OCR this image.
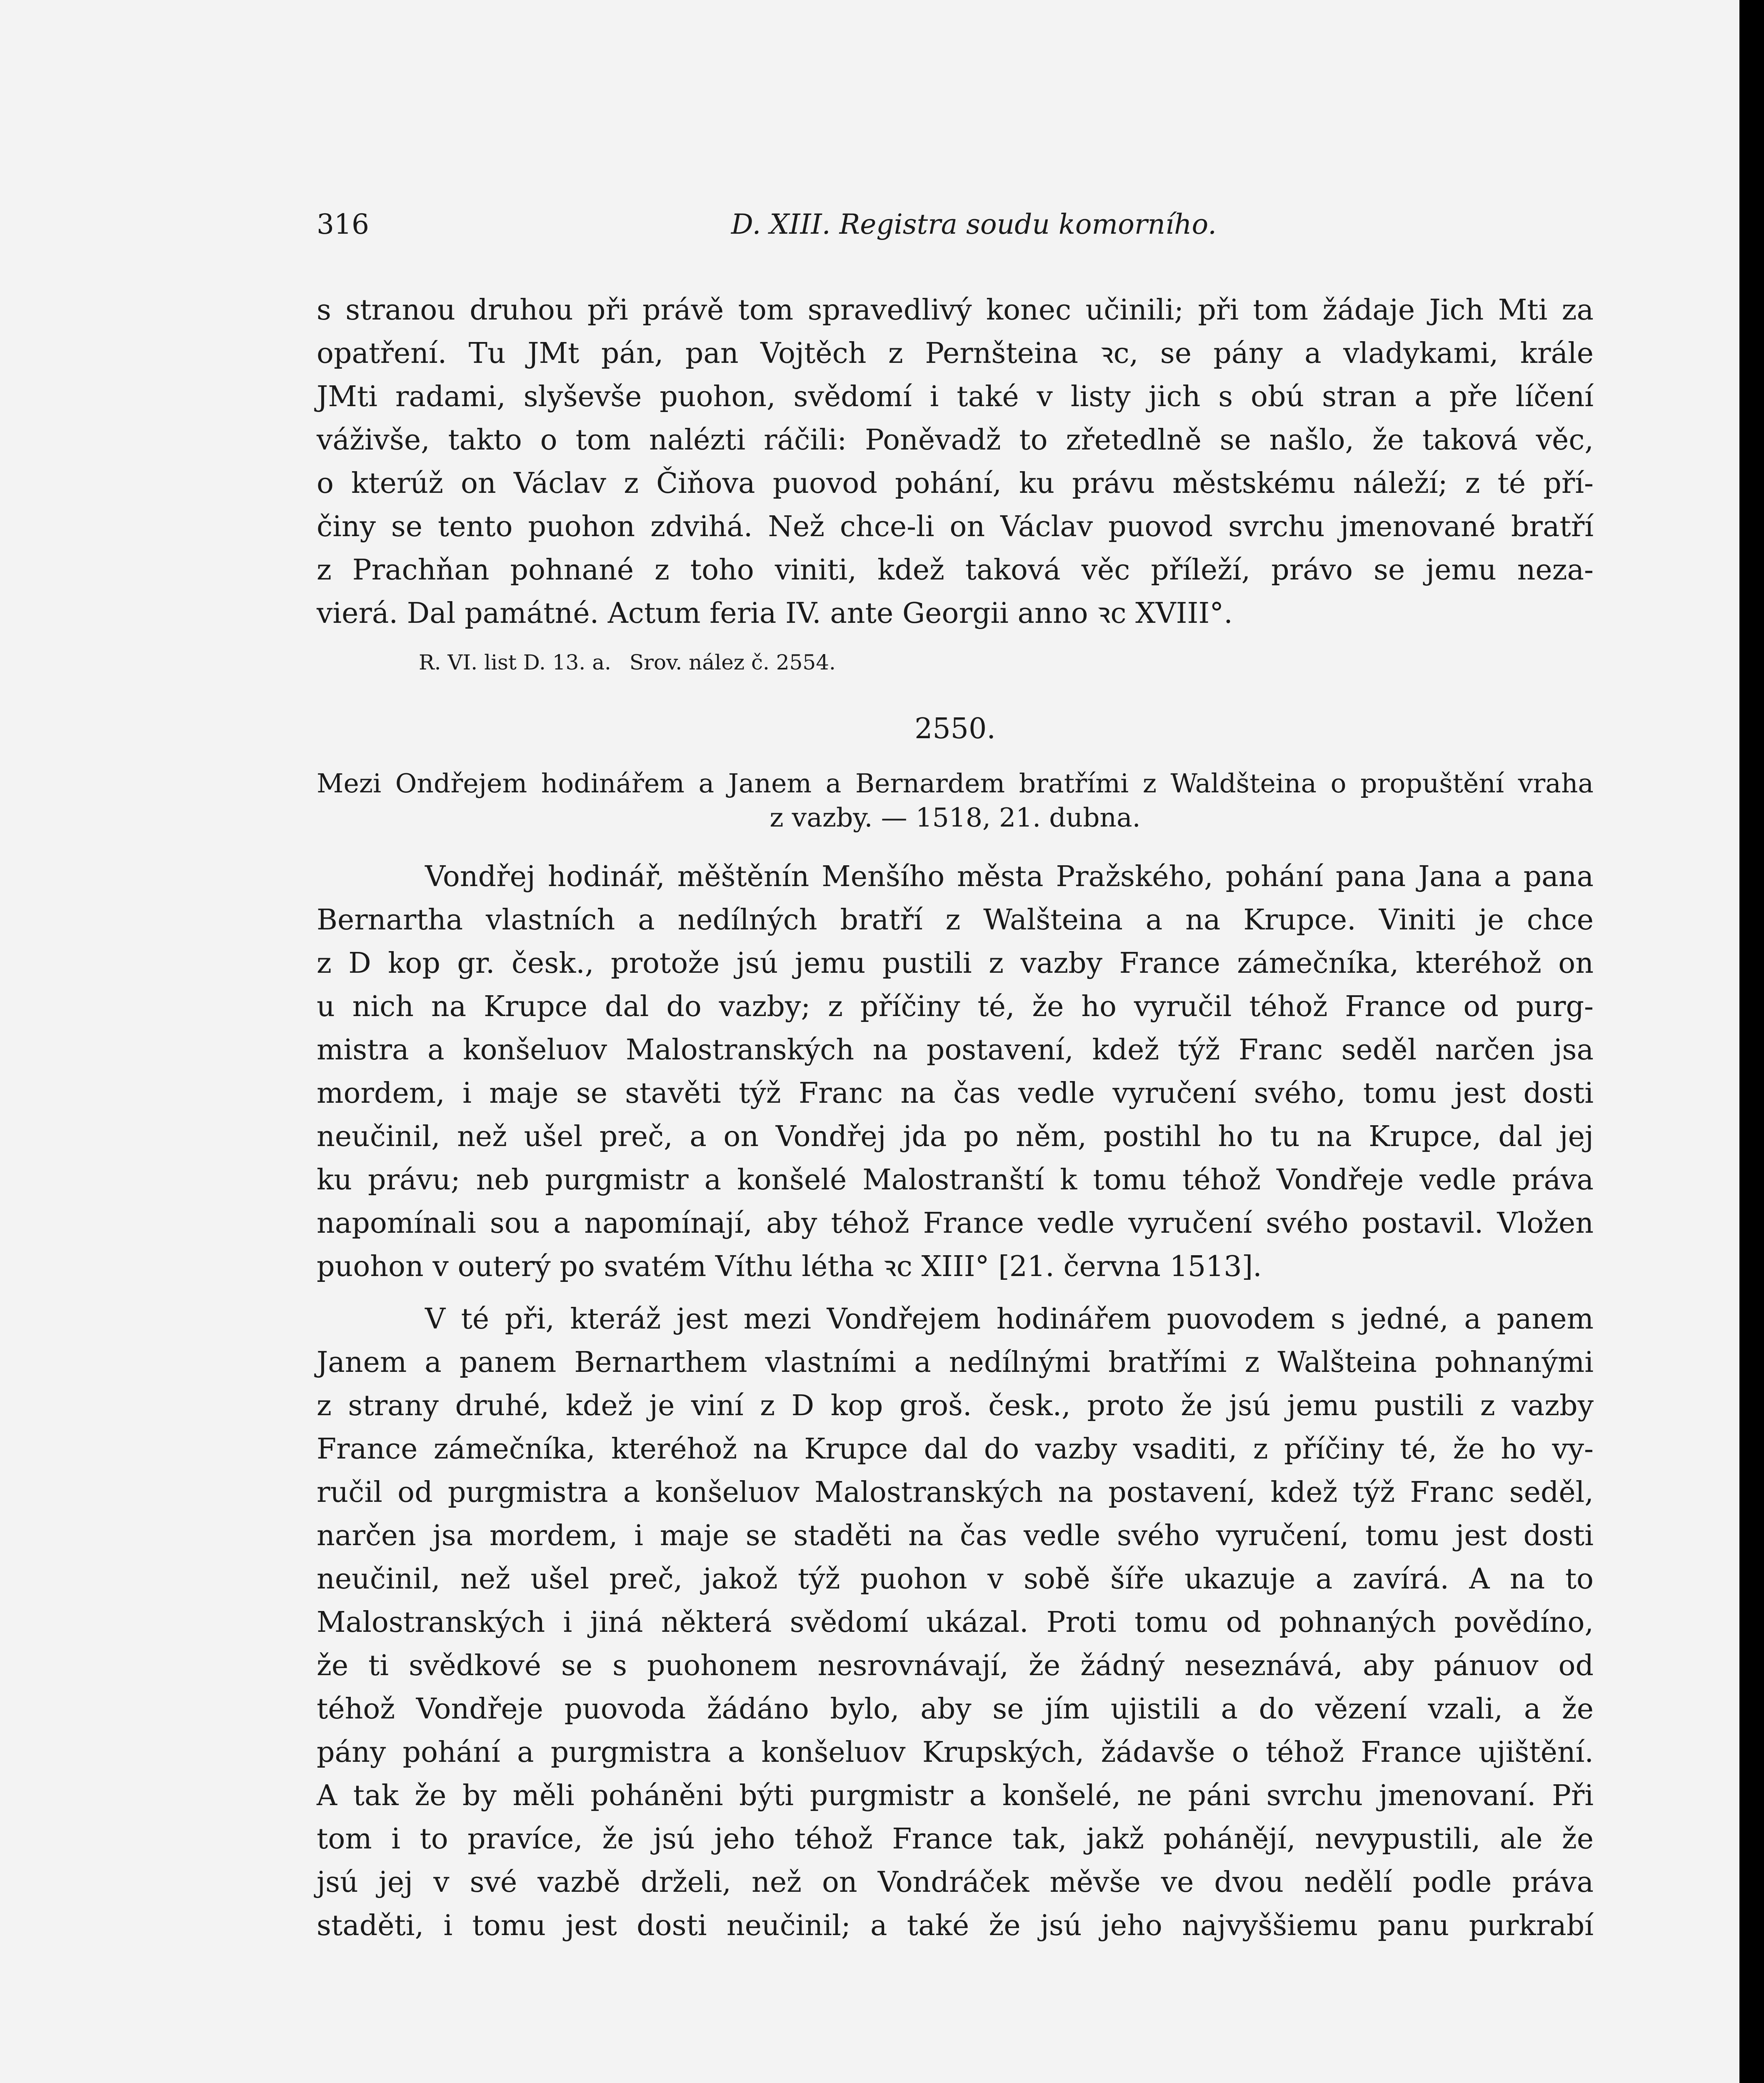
316	D. XIII. Registra soudu komorního.
s stranou druhou při právě tom spravedlivý konec učinili; při tom žádaje Jich Mti za
opatření. Tu JMt pán, pan Vojtěch z Pernšteina ꝛc, se pány a vladykami, krále
JMti radami, slyševše puohon, svědomí i také v listy jich s obú stran a pře líčení
váživše, takto o tom nalézti ráčili: Poněvadž to zřetedlně se našlo, že taková věc,
o kterúž on Václav z Čiňova puovod pohání, ku právu městskému náleží; z té pří-
činy se tento puohon zdvihá. Než chce-li on Václav puovod svrchu jmenované bratří
z Prachňan pohnané z toho viniti, kdež taková věc příleží, právo se jemu neza-
vierá. Dal památné. Actum feria IV. ante Georgii anno ꝛc XVIII°.
R. VI. list D. 13. a. Srov. nález č. 2554.
2550.
Mezi Ondřejem hodinářem a Janem a Bernardem bratřími z Waldšteina o propuštění vraha
z vazby. — 1518, 21. dubna.
Vondřej hodinář, měštěnín Menšího města Pražského, pohání pana Jana a pana
Bernartha vlastních a nedílných bratří z Walšteina a na Krupce. Viniti je chce
z D kop gr. česk., protože jsú jemu pustili z vazby France zámečníka, kteréhož on
u nich na Krupce dal do vazby; z příčiny té, že ho vyručil téhož France od purg-
mistra a konšeluov Malostranských na postavení, kdež týž Franc seděl narčen jsa
mordem, i maje se stavěti týž Franc na čas vedle vyručení svého, tomu jest dosti
neučinil, než ušel preč, a on Vondřej jda po něm, postihl ho tu na Krupce, dal jej
ku právu; neb purgmistr a konšelé Malostranští k tomu téhož Vondřeje vedle práva
napomínali sou a napomínají, aby téhož France vedle vyručení svého postavil. Vložen
puohon v outerý po svatém Víthu létha ꝛc XIII° [21. června 1513].
V té při, kteráž jest mezi Vondřejem hodinářem puovodem s jedné, a panem
Janem a panem Bernarthem vlastními a nedílnými bratřími z Walšteina pohnanými
z strany druhé, kdež je viní z D kop groš. česk., proto že jsú jemu pustili z vazby
France zámečníka, kteréhož na Krupce dal do vazby vsaditi, z příčiny té, že ho vy-
ručil od purgmistra a konšeluov Malostranských na postavení, kdež týž Franc seděl,
narčen jsa mordem, i maje se staděti na čas vedle svého vyručení, tomu jest dosti
neučinil, než ušel preč, jakož týž puohon v sobě šíře ukazuje a zavírá. A na to
Malostranských i jiná některá svědomí ukázal. Proti tomu od pohnaných povědíno,
že ti svědkové se s puohonem nesrovnávají, že žádný neseznává, aby pánuov od
téhož Vondřeje puovoda žádáno bylo, aby se jím ujistili a do vězení vzali, a že
pány pohání a purgmistra a konšeluov Krupských, žádavše o téhož France ujištění.
A tak že by měli poháněni býti purgmistr a konšelé, ne páni svrchu jmenovaní. Při
tom i to pravíce, že jsú jeho téhož France tak, jakž pohánějí, nevypustili, ale že
jsú jej v své vazbě drželi, než on Vondráček měvše ve dvou nedělí podle práva
staděti, i tomu jest dosti neučinil; a také že jsú jeho najvyššiemu panu purkrabí
